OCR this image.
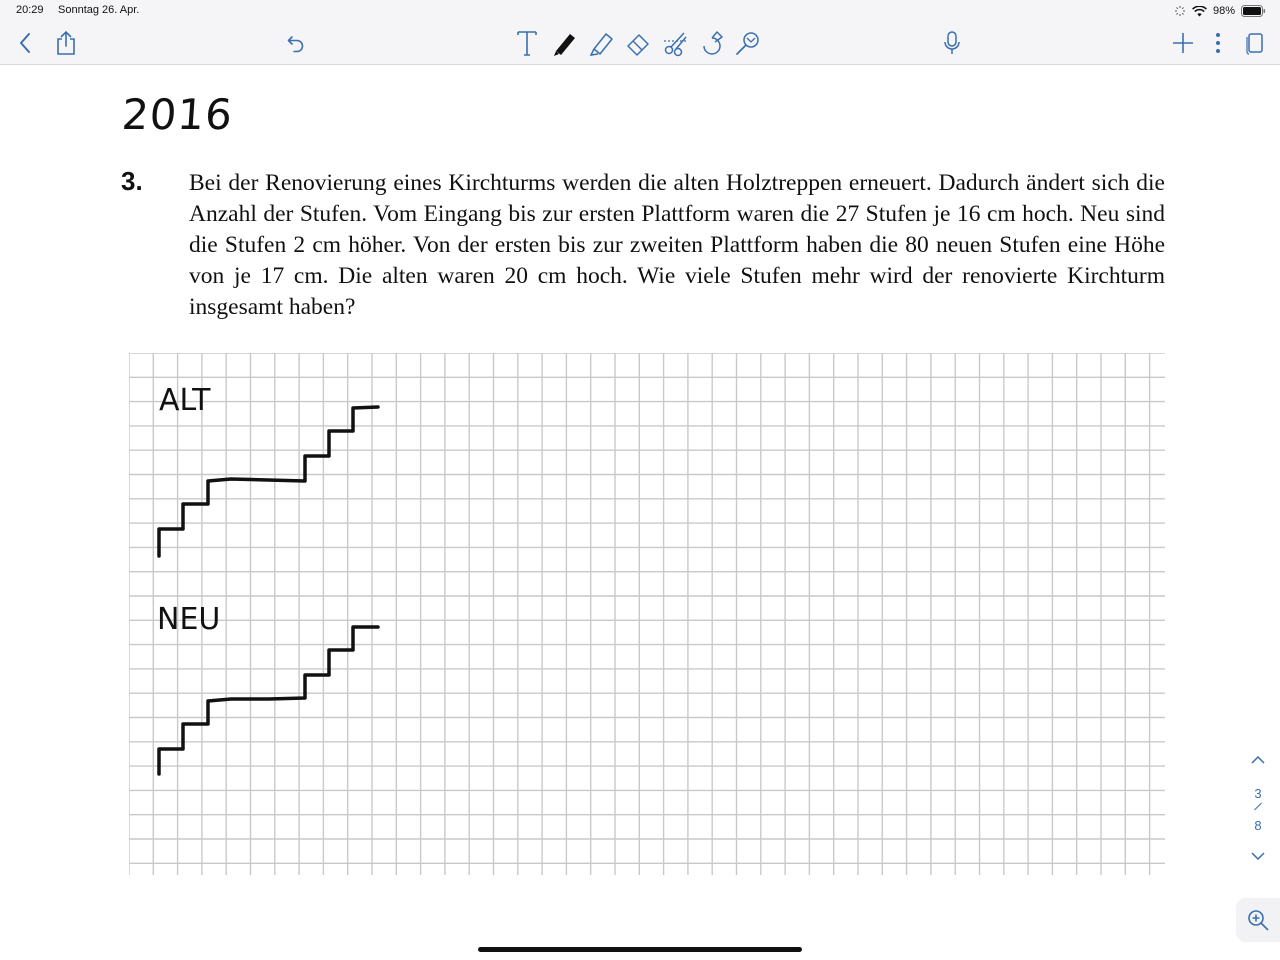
20:29 Sonntag 26. Apr.	98%
2016
3. Bei der Renovierung eines Kirchturms werden die alten Holztreppen erneuert. Dadurch ändert sich die Anzahl der Stufen. Vom Eingang bis zur ersten Plattform waren die 27 Stufen je 16 cm hoch. Neu sind die Stufen 2 cm höher. Von der ersten bis zur zweiten Plattform haben die 80 neuen Stufen eine Höhe von je 17 cm. Die alten waren 20 cm hoch. Wie viele Stufen mehr wird der renovierte Kirchturm insgesamt haben?
ALT
NEU
3
8
